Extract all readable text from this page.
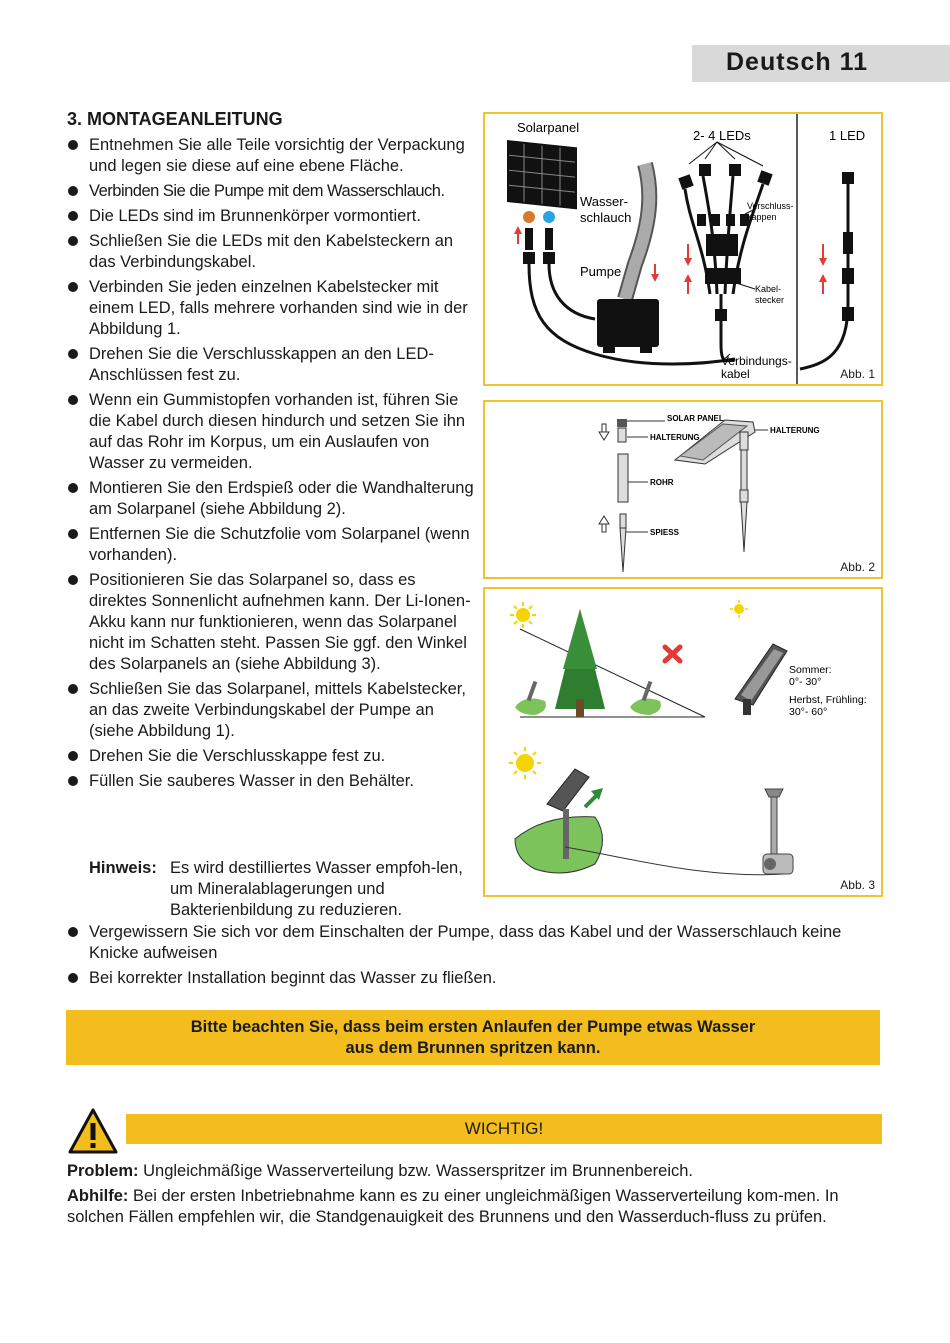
Deutsch 11
3. MONTAGEANLEITUNG
Entnehmen Sie alle Teile vorsichtig der Verpackung und legen sie diese auf eine ebene Fläche.
Verbinden Sie die Pumpe mit dem Wasserschlauch.
Die LEDs sind im Brunnenkörper vormontiert.
Schließen Sie die LEDs mit den Kabelsteckern an das Verbindungskabel.
Verbinden Sie jeden einzelnen Kabelstecker mit einem LED, falls mehrere vorhanden sind wie in der Abbildung 1.
Drehen Sie die Verschlusskappen an den LED-Anschlüssen fest zu.
Wenn ein Gummistopfen vorhanden ist, führen Sie die Kabel durch diesen hindurch und setzen Sie ihn auf das Rohr im Korpus, um ein Auslaufen von Wasser zu vermeiden.
Montieren Sie den Erdspieß oder die Wandhalterung am Solarpanel (siehe Abbildung 2).
Entfernen Sie die Schutzfolie vom Solarpanel (wenn vorhanden).
Positionieren Sie das Solarpanel so, dass es direktes Sonnenlicht aufnehmen kann. Der Li-Ionen-Akku kann nur funktionieren, wenn das Solarpanel nicht im Schatten steht. Passen Sie ggf. den Winkel des Solarpanels an (siehe Abbildung 3).
Schließen Sie das Solarpanel, mittels Kabelstecker, an das zweite Verbindungskabel der Pumpe an (siehe Abbildung 1).
Drehen Sie die Verschlusskappe fest zu.
Füllen Sie sauberes Wasser in den Behälter.
Hinweis: Es wird destilliertes Wasser empfoh-len, um Mineralablagerungen und Bakterienbildung zu reduzieren.
Vergewissern Sie sich vor dem Einschalten der Pumpe, dass das Kabel und der Wasserschlauch keine Knicke aufweisen
Bei korrekter Installation beginnt das Wasser zu fließen.
Solarpanel
Wasser-
schlauch
Pumpe
2- 4 LEDs	1 LED
Verschluss-
kappen
Kabel-
stecker
Verbindungs-
kabel	Abb. 1
SOLAR PANEL
HALTERUNG
HALTERUNG
ROHR
SPIESS
Abb. 2
Sommer:
0°- 30°
Herbst, Frühling:
30°- 60°
Abb. 3
Bitte beachten Sie, dass beim ersten Anlaufen der Pumpe etwas Wasser
aus dem Brunnen spritzen kann.
WICHTIG!
Problem: Ungleichmäßige Wasserverteilung bzw. Wasserspritzer im Brunnenbereich.
Abhilfe: Bei der ersten Inbetriebnahme kann es zu einer ungleichmäßigen Wasserverteilung kom-men. In solchen Fällen empfehlen wir, die Standgenauigkeit des Brunnens und den Wasserduch-fluss zu prüfen.
